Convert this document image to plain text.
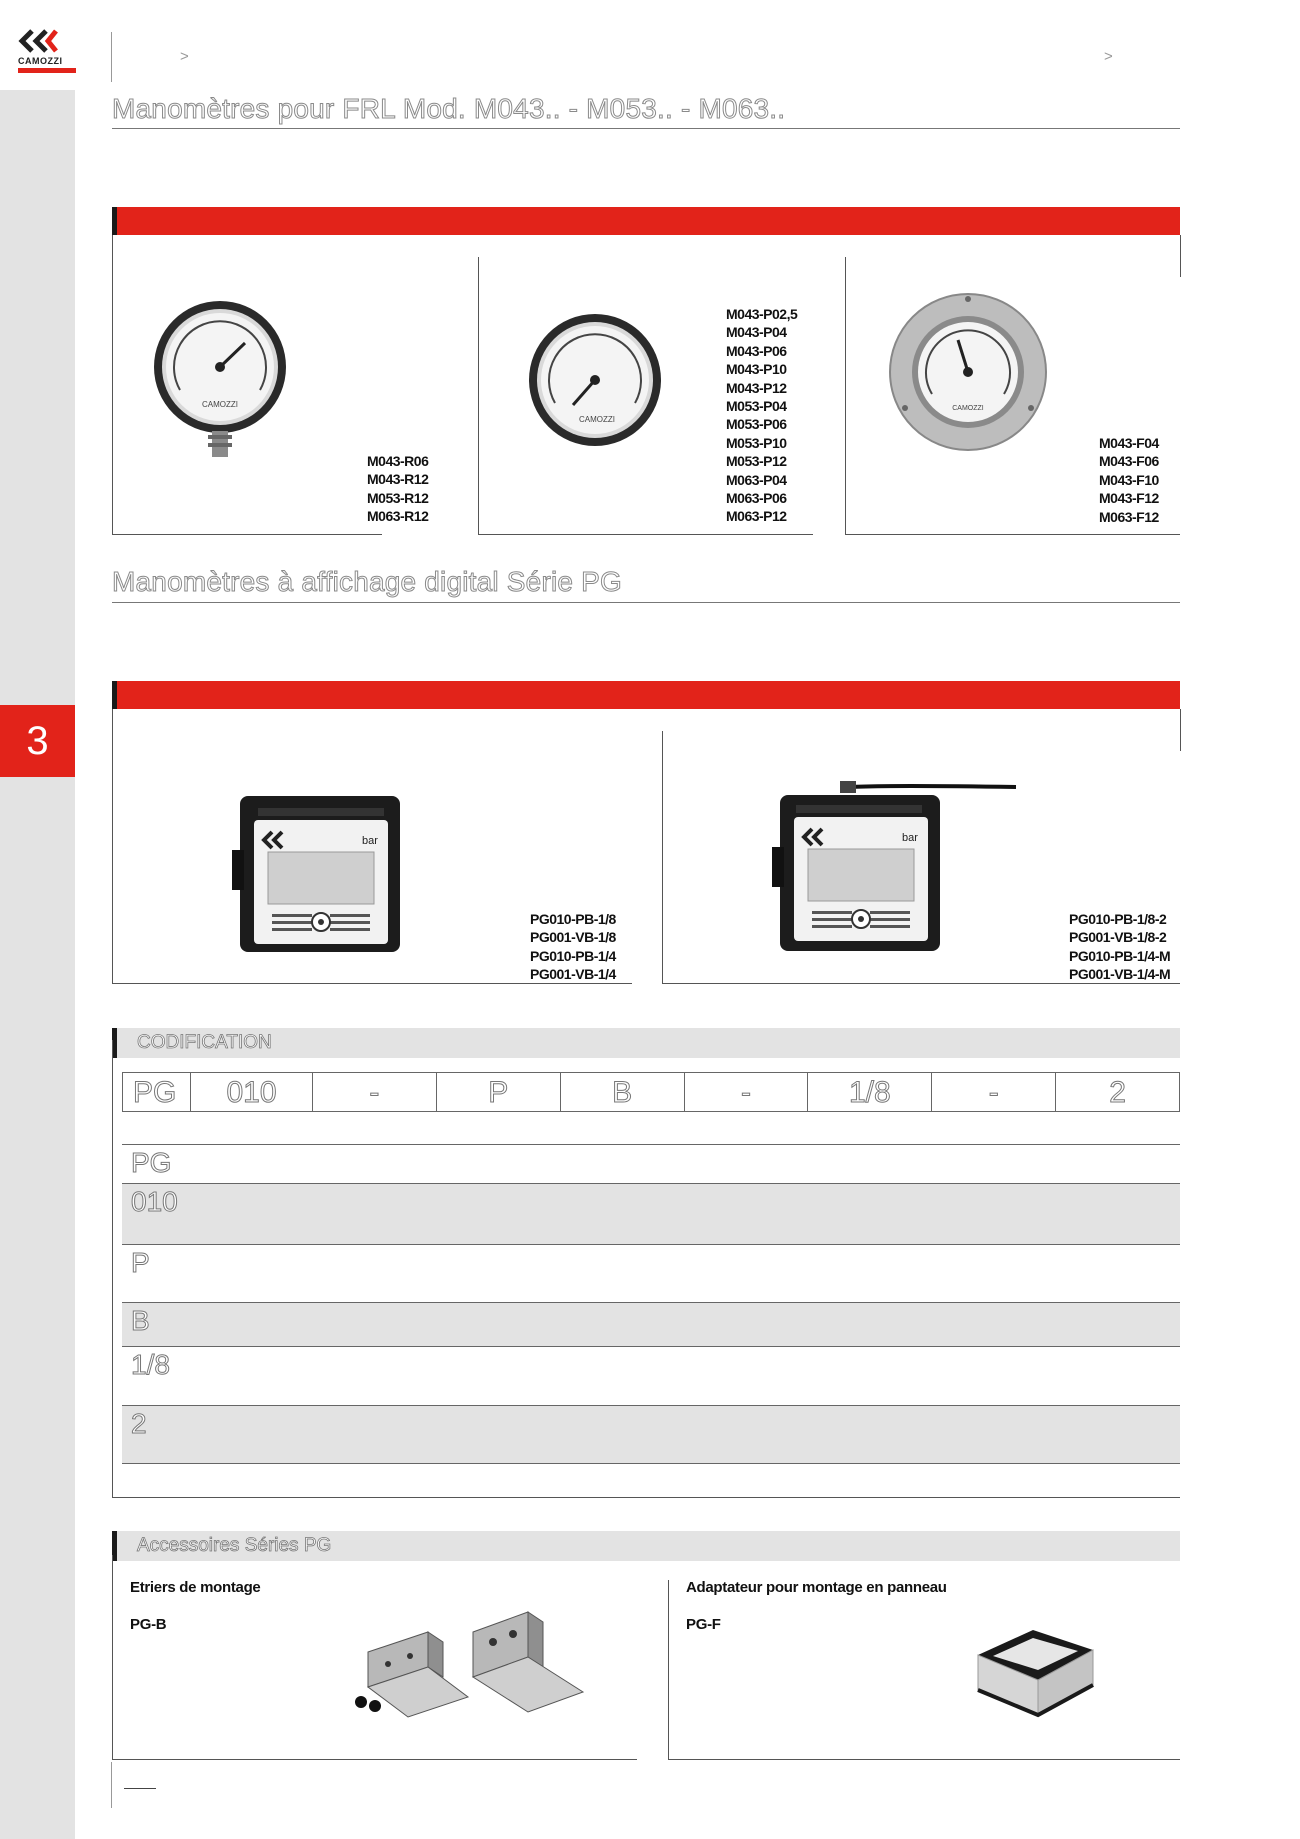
3
CAMOZZI	>	>
Manomètres pour FRL Mod. M043.. - M053.. - M063..
CAMOZZI
M043-R06
M043-R12
M053-R12
M063-R12
CAMOZZI
M043-P02,5
M043-P04
M043-P06
M043-P10
M043-P12
M053-P04
M053-P06
M053-P10
M053-P12
M063-P04
M063-P06
M063-P12
CAMOZZI
M043-F04
M043-F06
M043-F10
M043-F12
M063-F12
Manomètres à affichage digital Série PG
bar
PG010-PB-1/8
PG001-VB-1/8
PG010-PB-1/4
PG001-VB-1/4
bar
PG010-PB-1/8-2
PG001-VB-1/8-2
PG010-PB-1/4-M
PG001-VB-1/4-M
CODIFICATION
PG	010	-	P	B	-	1/8	-	2
PG
010
P
B
1/8
2
Accessoires Séries PG
Etriers de montage
PG-B
Adaptateur pour montage en panneau
PG-F
